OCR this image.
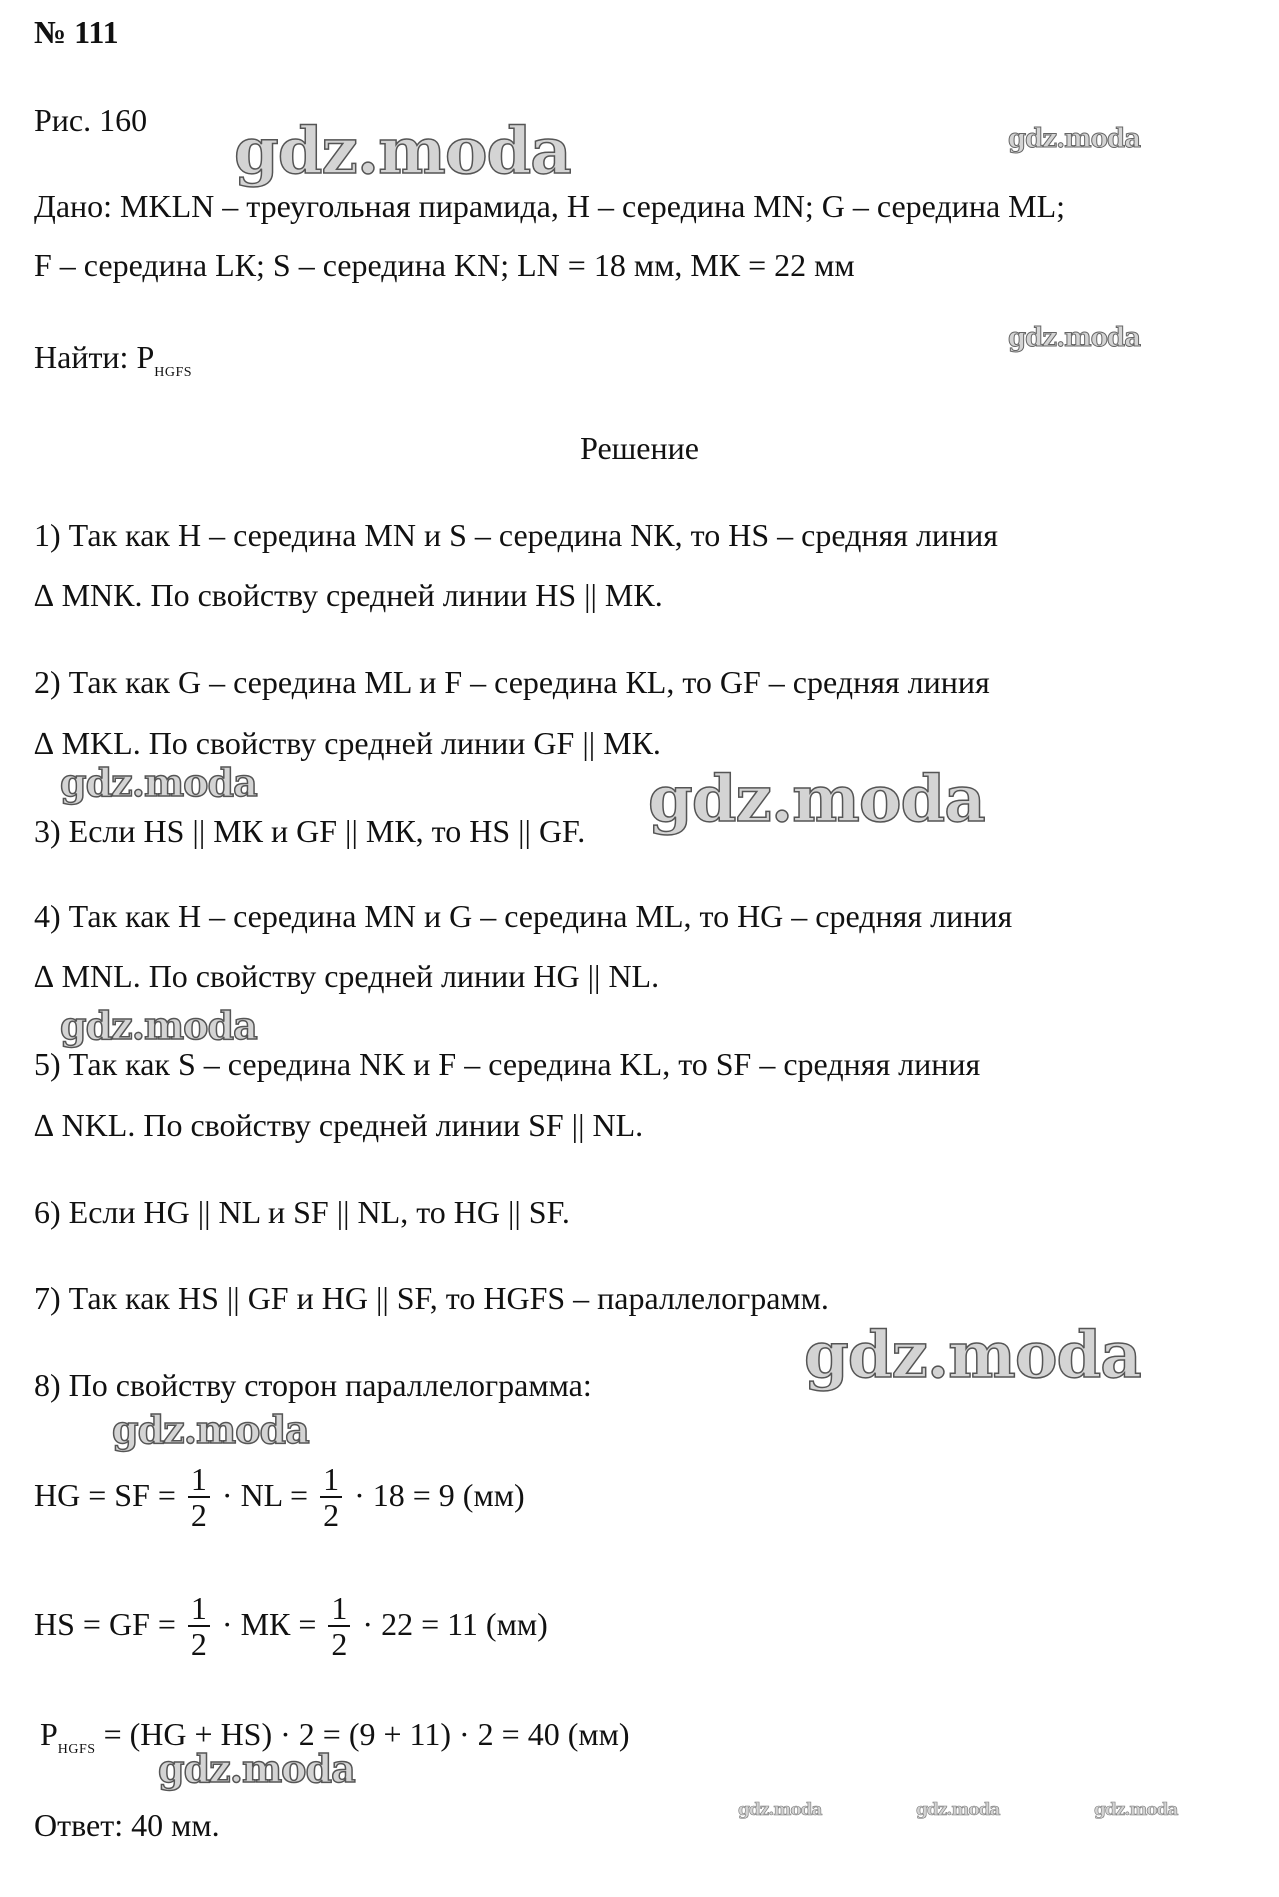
№ 111
Рис. 160
Дано: MKLN – треугольная пирамида, H – середина MN; G – середина ML;
F – середина LК; S – середина KN; LN = 18 мм, МК = 22 мм
Найти: $P_{HGFS}$
Решение
1) Так как H – середина MN и S – середина NК, то HS – средняя линия
∆ MNК. По свойству средней линии HS || МК.
2) Так как G – середина ML и F – середина КL, то GF – средняя линия
∆ MKL. По свойству средней линии GF || МК.
3) Если HS || МК и GF || МК, то HS || GF.
4) Так как H – середина MN и G – середина ML, то HG – средняя линия
∆ MNL. По свойству средней линии HG || NL.
5) Так как S – середина NK и F – середина KL, то SF – средняя линия
∆ NKL. По свойству средней линии SF || NL.
6) Если HG || NL и SF || NL, то HG || SF.
7) Так как HS || GF и HG || SF, то HGFS – параллелограмм.
8) По свойству сторон параллелограмма:
HG = SF = $\frac{1}{2}$ · NL = $\frac{1}{2} \cdot 18 = 9$ (мм)
HS = GF = $\frac{1}{2}$ · МК = $\frac{1}{2} \cdot 22 = 11$ (мм)
$P_{HGFS} = (HG + HS) \cdot 2 = (9 + 11) \cdot 2 = 40$ (мм)
Ответ: 40 мм.
gdz.moda	gdz.moda
gdz.moda
gdz.moda	gdz.moda
gdz.moda
gdz.moda
gdz.moda
gdz.moda
gdz.moda	gdz.moda	gdz.moda
